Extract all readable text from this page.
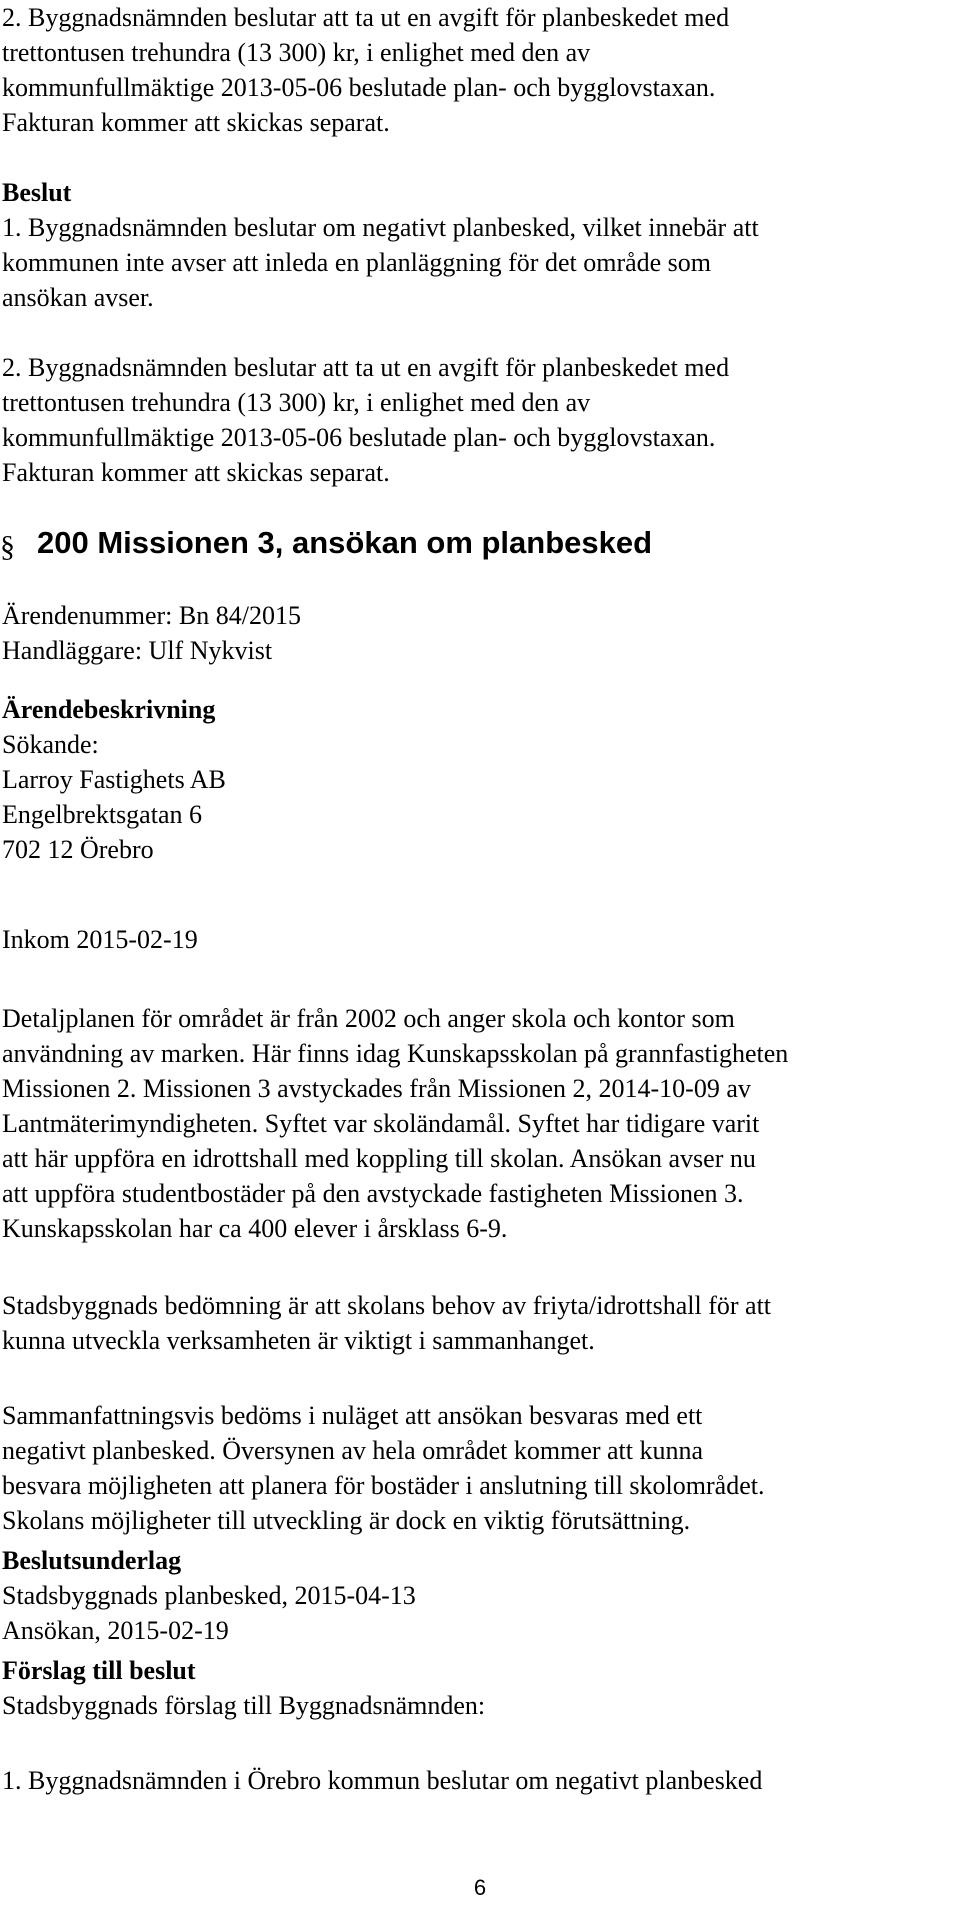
2. Byggnadsnämnden beslutar att ta ut en avgift för planbeskedet med
trettontusen trehundra (13 300) kr, i enlighet med den av
kommunfullmäktige 2013-05-06 beslutade plan- och bygglovstaxan.
Fakturan kommer att skickas separat.
Beslut
1. Byggnadsnämnden beslutar om negativt planbesked, vilket innebär att
kommunen inte avser att inleda en planläggning för det område som
ansökan avser.
2. Byggnadsnämnden beslutar att ta ut en avgift för planbeskedet med
trettontusen trehundra (13 300) kr, i enlighet med den av
kommunfullmäktige 2013-05-06 beslutade plan- och bygglovstaxan.
Fakturan kommer att skickas separat.
§ 200 Missionen 3, ansökan om planbesked
Ärendenummer: Bn 84/2015
Handläggare: Ulf Nykvist
Ärendebeskrivning
Sökande:
Larroy Fastighets AB
Engelbrektsgatan 6
702 12 Örebro
Inkom 2015-02-19
Detaljplanen för området är från 2002 och anger skola och kontor som
användning av marken. Här finns idag Kunskapsskolan på grannfastigheten
Missionen 2. Missionen 3 avstyckades från Missionen 2, 2014-10-09 av
Lantmäterimyndigheten. Syftet var skoländamål. Syftet har tidigare varit
att här uppföra en idrottshall med koppling till skolan. Ansökan avser nu
att uppföra studentbostäder på den avstyckade fastigheten Missionen 3.
Kunskapsskolan har ca 400 elever i årsklass 6-9.
Stadsbyggnads bedömning är att skolans behov av friyta/idrottshall för att
kunna utveckla verksamheten är viktigt i sammanhanget.
Sammanfattningsvis bedöms i nuläget att ansökan besvaras med ett
negativt planbesked. Översynen av hela området kommer att kunna
besvara möjligheten att planera för bostäder i anslutning till skolområdet.
Skolans möjligheter till utveckling är dock en viktig förutsättning.
Beslutsunderlag
Stadsbyggnads planbesked, 2015-04-13
Ansökan, 2015-02-19
Förslag till beslut
Stadsbyggnads förslag till Byggnadsnämnden:
1. Byggnadsnämnden i Örebro kommun beslutar om negativt planbesked
6
